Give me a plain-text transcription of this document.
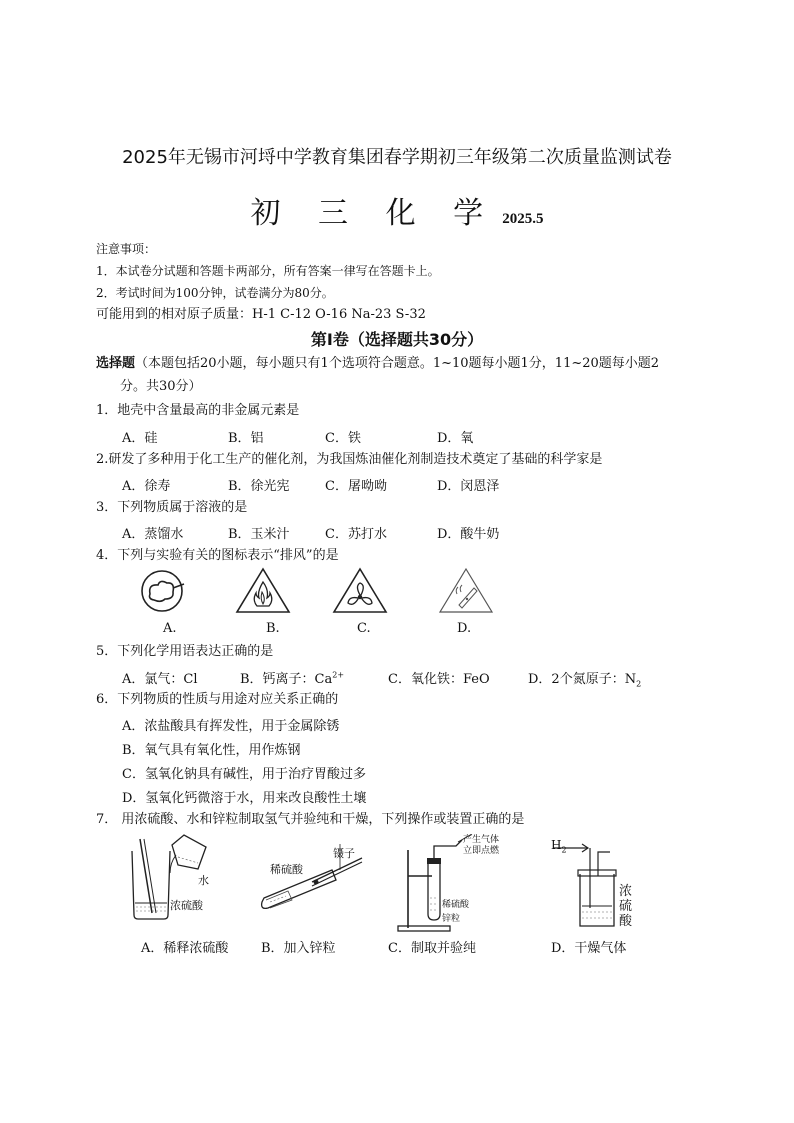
2025年无锡市河埒中学教育集团春学期初三年级第二次质量监测试卷
初 三 化 学 2025.5
注意事项：
1．本试卷分试题和答题卡两部分，所有答案一律写在答题卡上。
2．考试时间为100分钟，试卷满分为80分。
可能用到的相对原子质量：H-1 C-12 O-16 Na-23 S-32
第Ⅰ卷（选择题共30分）
选择题（本题包括20小题，每小题只有1个选项符合题意。1~10题每小题1分，11~20题每小题2
分。共30分）
1．地壳中含量最高的非金属元素是
A．硅	B．铝	C．铁	D．氧
2.研发了多种用于化工生产的催化剂，为我国炼油催化剂制造技术奠定了基础的科学家是
A．徐寿	B．徐光宪	C．屠呦呦	D．闵恩泽
3．下列物质属于溶液的是
A．蒸馏水	B．玉米汁	C．苏打水	D．酸牛奶
4．下列与实验有关的图标表示“排风”的是
A.	B.	C.	D.
5．下列化学用语表达正确的是
A．氯气：Cl	B．钙离子：$Ca^{2+}$	C．氧化铁：FeO	D．2个氮原子：$N_2$
6．下列物质的性质与用途对应关系正确的
A．浓盐酸具有挥发性，用于金属除锈
B．氧气具有氧化性，用作炼钢
C．氢氧化钠具有碱性，用于治疗胃酸过多
D．氢氧化钙微溶于水，用来改良酸性土壤
7． 用浓硫酸、水和锌粒制取氢气并验纯和干燥，下列操作或装置正确的是
水
浓硫酸
稀硫酸
镊子
产生气体
立即点燃
稀硫酸
锌粒
$H_2$
浓
硫
酸
A．稀释浓硫酸	B．加入锌粒	C．制取并验纯	D．干燥气体
